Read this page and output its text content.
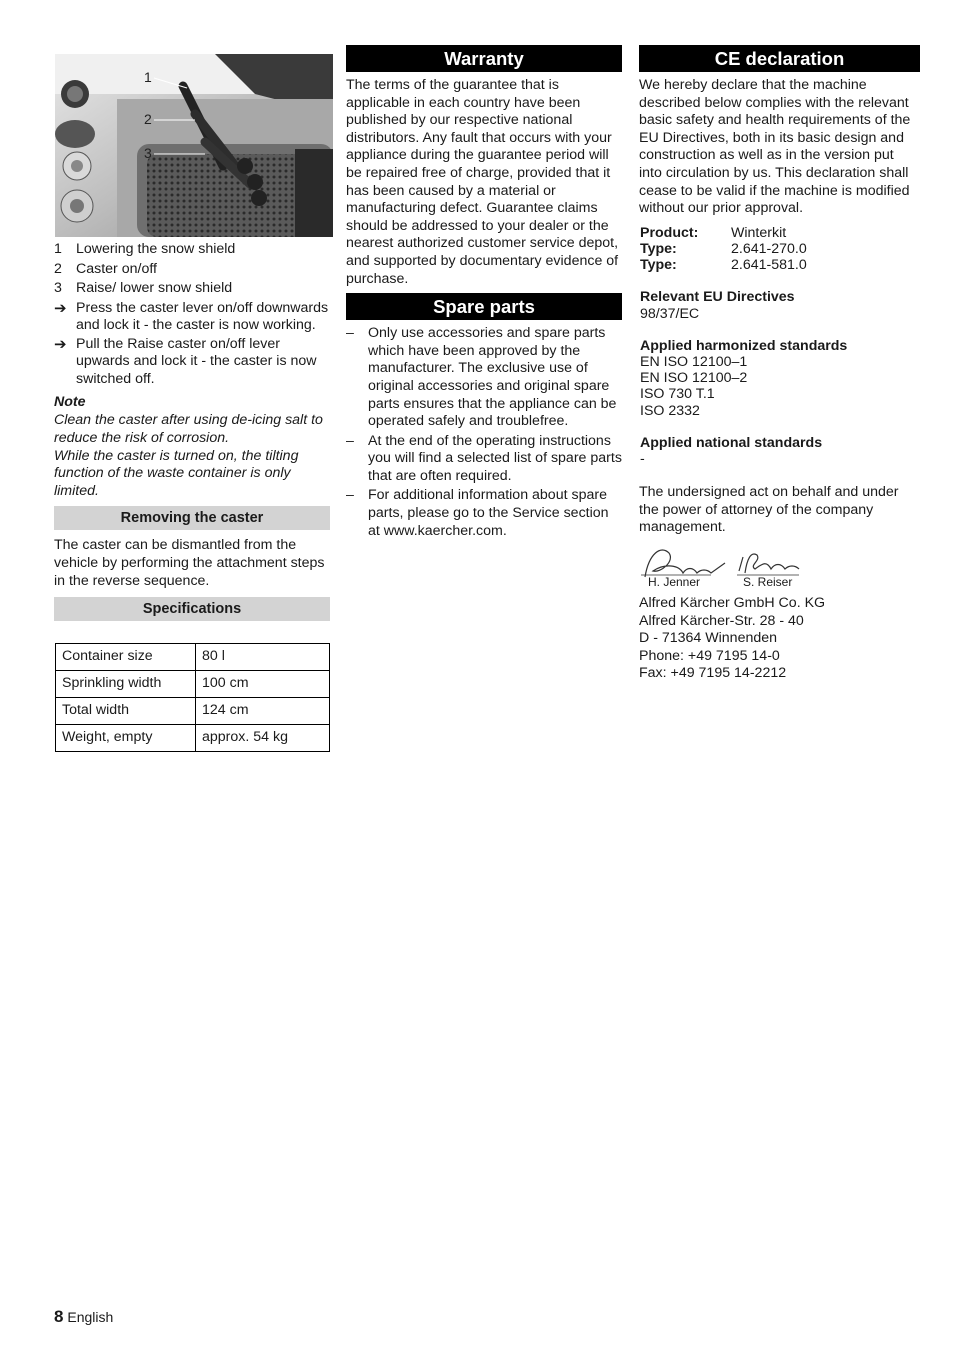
1
2
3
1 Lowering the snow shield
2 Caster on/off
3 Raise/ lower snow shield
➔ Press the caster lever on/off downwards and lock it - the caster is now working.
➔ Pull the Raise caster on/off lever upwards and lock it - the caster is now switched off.

Note

Clean the caster after using de-icing salt to reduce the risk of corrosion.

While the caster is turned on, the tilting function of the waste container is only limited.

Removing the caster

The caster can be dismantled from the vehicle by performing the attachment steps in the reverse sequence.

Specifications
Container size	80 l
Sprinkling width	100 cm
Total width	124 cm
Weight, empty	approx. 54 kg
Warranty

The terms of the guarantee that is applicable in each country have been published by our respective national distributors. Any fault that occurs with your appliance during the guarantee period will be repaired free of charge, provided that it has been caused by a material or manufacturing defect. Guarantee claims should be addressed to your dealer or the nearest authorized customer service depot, and supported by documentary evidence of purchase.

Spare parts
– Only use accessories and spare parts which have been approved by the manufacturer. The exclusive use of original accessories and original spare parts ensures that the appliance can be operated safely and troublefree.
– At the end of the operating instructions you will find a selected list of spare parts that are often required.
– For additional information about spare parts, please go to the Service section at www.kaercher.com.
CE declaration

We hereby declare that the machine described below complies with the relevant basic safety and health requirements of the EU Directives, both in its basic design and construction as well as in the version put into circulation by us. This declaration shall cease to be valid if the machine is modified without our prior approval.

Product:	Winterkit
Type:	2.641-270.0
Type:	2.641-581.0

Relevant EU Directives

98/37/EC

Applied harmonized standards

EN ISO 12100–1

EN ISO 12100–2

ISO 730 T.1

ISO 2332

Applied national standards

-

The undersigned act on behalf and under the power of attorney of the company management.

H. Jenner	S. Reiser

Alfred Kärcher GmbH Co. KG

Alfred Kärcher-Str. 28 - 40

D - 71364 Winnenden

Phone: +49 7195 14-0

Fax: +49 7195 14-2212

8 English
